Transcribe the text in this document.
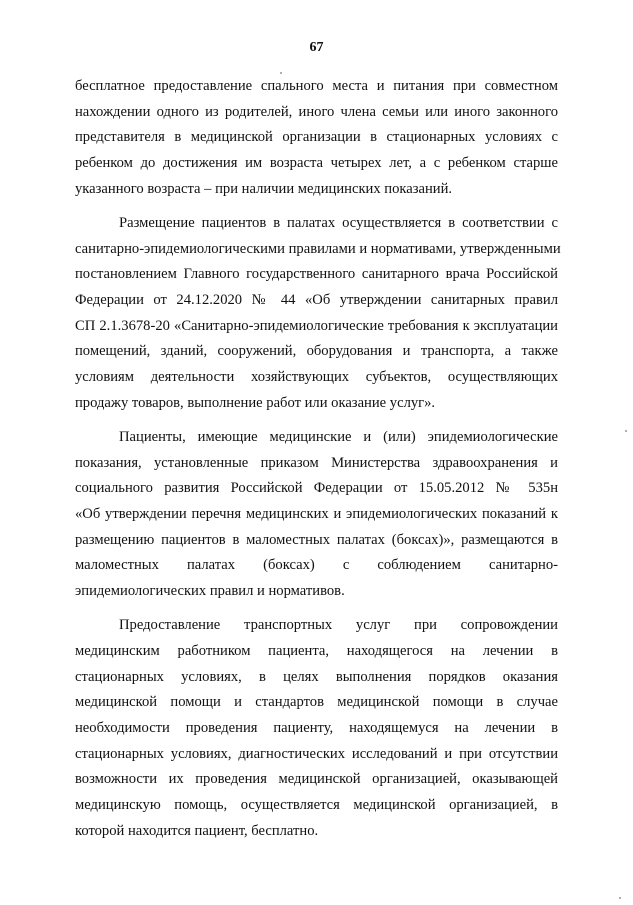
67
бесплатное предоставление спального места и питания при совместном
нахождении одного из родителей, иного члена семьи или иного законного
представителя в медицинской организации в стационарных условиях с
ребенком до достижения им возраста четырех лет, а с ребенком старше
указанного возраста – при наличии медицинских показаний.
Размещение пациентов в палатах осуществляется в соответствии с
санитарно-эпидемиологическими правилами и нормативами, утвержденными
постановлением Главного государственного санитарного врача Российской
Федерации от 24.12.2020 № 44 «Об утверждении санитарных правил
СП 2.1.3678-20 «Санитарно-эпидемиологические требования к эксплуатации
помещений, зданий, сооружений, оборудования и транспорта, а также
условиям деятельности хозяйствующих субъектов, осуществляющих
продажу товаров, выполнение работ или оказание услуг».
Пациенты, имеющие медицинские и (или) эпидемиологические
показания, установленные приказом Министерства здравоохранения и
социального развития Российской Федерации от 15.05.2012 № 535н
«Об утверждении перечня медицинских и эпидемиологических показаний к
размещению пациентов в маломестных палатах (боксах)», размещаются в
маломестных палатах (боксах) с соблюдением санитарно-
эпидемиологических правил и нормативов.
Предоставление транспортных услуг при сопровождении
медицинским работником пациента, находящегося на лечении в
стационарных условиях, в целях выполнения порядков оказания
медицинской помощи и стандартов медицинской помощи в случае
необходимости проведения пациенту, находящемуся на лечении в
стационарных условиях, диагностических исследований и при отсутствии
возможности их проведения медицинской организацией, оказывающей
медицинскую помощь, осуществляется медицинской организацией, в
которой находится пациент, бесплатно.
